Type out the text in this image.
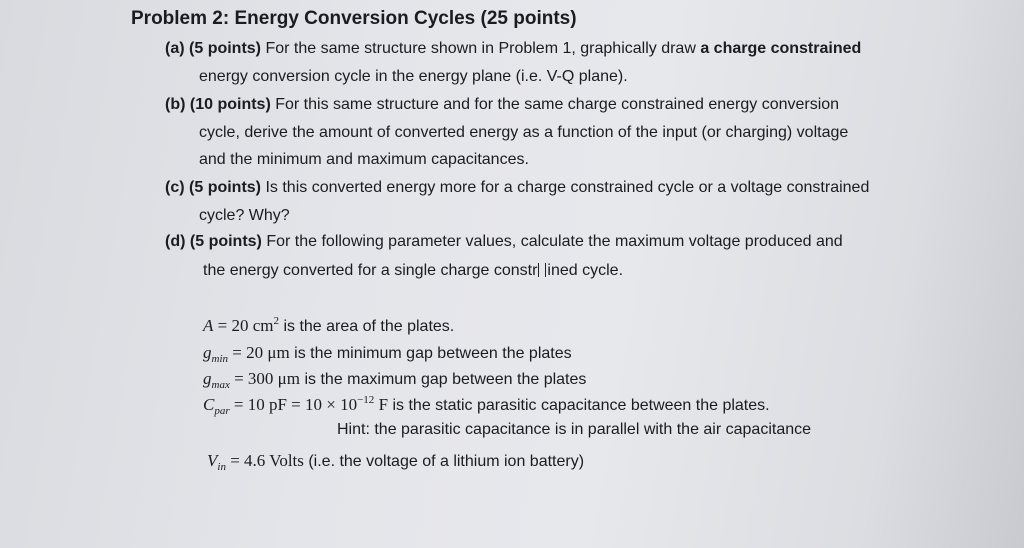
Problem 2: Energy Conversion Cycles (25 points)
(a) (5 points) For the same structure shown in Problem 1, graphically draw a charge constrained
energy conversion cycle in the energy plane (i.e. V-Q plane).
(b) (10 points) For this same structure and for the same charge constrained energy conversion
cycle, derive the amount of converted energy as a function of the input (or charging) voltage
and the minimum and maximum capacitances.
(c) (5 points) Is this converted energy more for a charge constrained cycle or a voltage constrained
cycle? Why?
(d) (5 points) For the following parameter values, calculate the maximum voltage produced and
the energy converted for a single charge constr ined cycle.
A = 20 $cm^2$ is the area of the plates.
$g_{min} = 20$ μm is the minimum gap between the plates
$g_{max} = 300$ μm is the maximum gap between the plates
$C_{par} = 10$ pF = $10 \times 10^{-12}$ F is the static parasitic capacitance between the plates.
Hint: the parasitic capacitance is in parallel with the air capacitance
$V_{in} = 4.6$ Volts (i.e. the voltage of a lithium ion battery)
